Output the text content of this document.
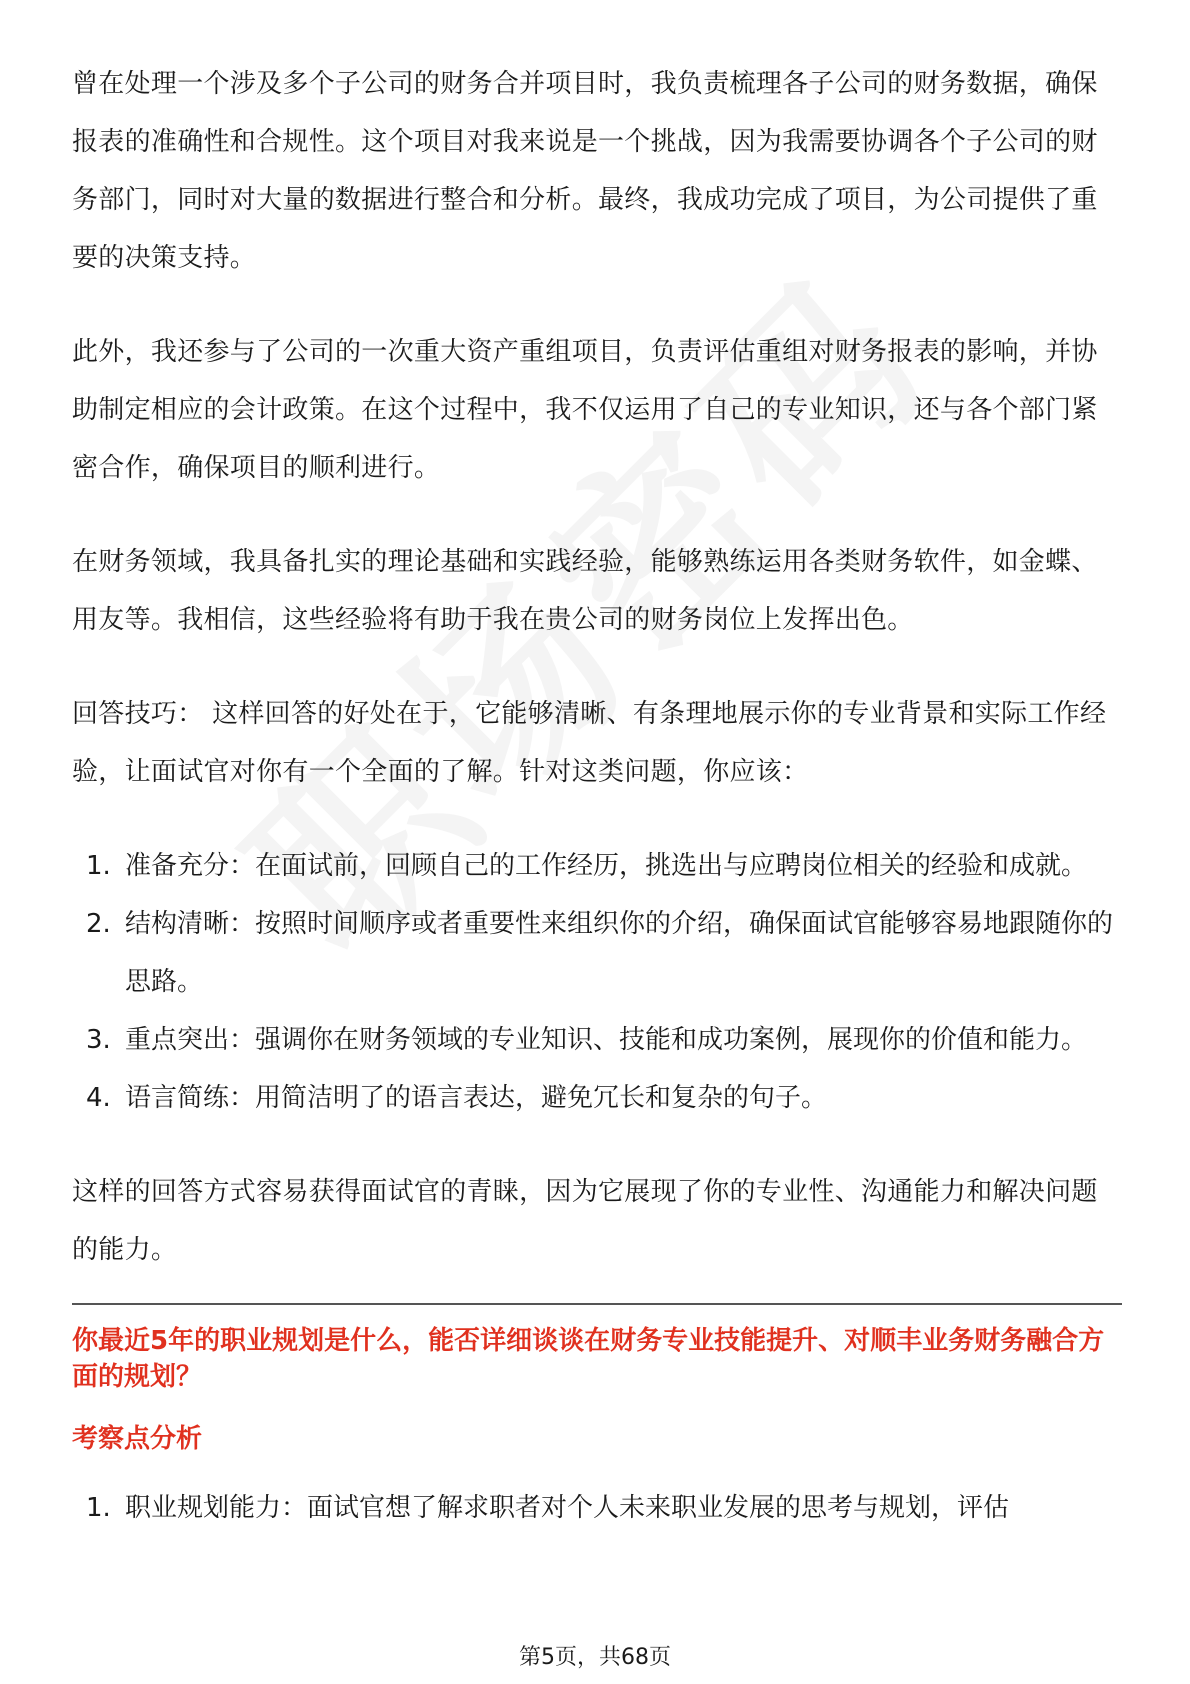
曾在处理一个涉及多个子公司的财务合并项目时，我负责梳理各子公司的财务数据，确保报表的准确性和合规性。这个项目对我来说是一个挑战，因为我需要协调各个子公司的财务部门，同时对大量的数据进行整合和分析。最终，我成功完成了项目，为公司提供了重要的决策支持。

此外，我还参与了公司的一次重大资产重组项目，负责评估重组对财务报表的影响，并协助制定相应的会计政策。在这个过程中，我不仅运用了自己的专业知识，还与各个部门紧密合作，确保项目的顺利进行。

在财务领域，我具备扎实的理论基础和实践经验，能够熟练运用各类财务软件，如金蝶、用友等。我相信，这些经验将有助于我在贵公司的财务岗位上发挥出色。

回答技巧： 这样回答的好处在于，它能够清晰、有条理地展示你的专业背景和实际工作经验，让面试官对你有一个全面的了解。针对这类问题，你应该：

1. 准备充分：在面试前，回顾自己的工作经历，挑选出与应聘岗位相关的经验和成就。
2. 结构清晰：按照时间顺序或者重要性来组织你的介绍，确保面试官能够容易地跟随你的思路。
3. 重点突出：强调你在财务领域的专业知识、技能和成功案例，展现你的价值和能力。
4. 语言简练：用简洁明了的语言表达，避免冗长和复杂的句子。

这样的回答方式容易获得面试官的青睐，因为它展现了你的专业性、沟通能力和解决问题的能力。

你最近5年的职业规划是什么，能否详细谈谈在财务专业技能提升、对顺丰业务财务融合方面的规划？

考察点分析

1. 职业规划能力：面试官想了解求职者对个人未来职业发展的思考与规划，评估
第5页，共68页
